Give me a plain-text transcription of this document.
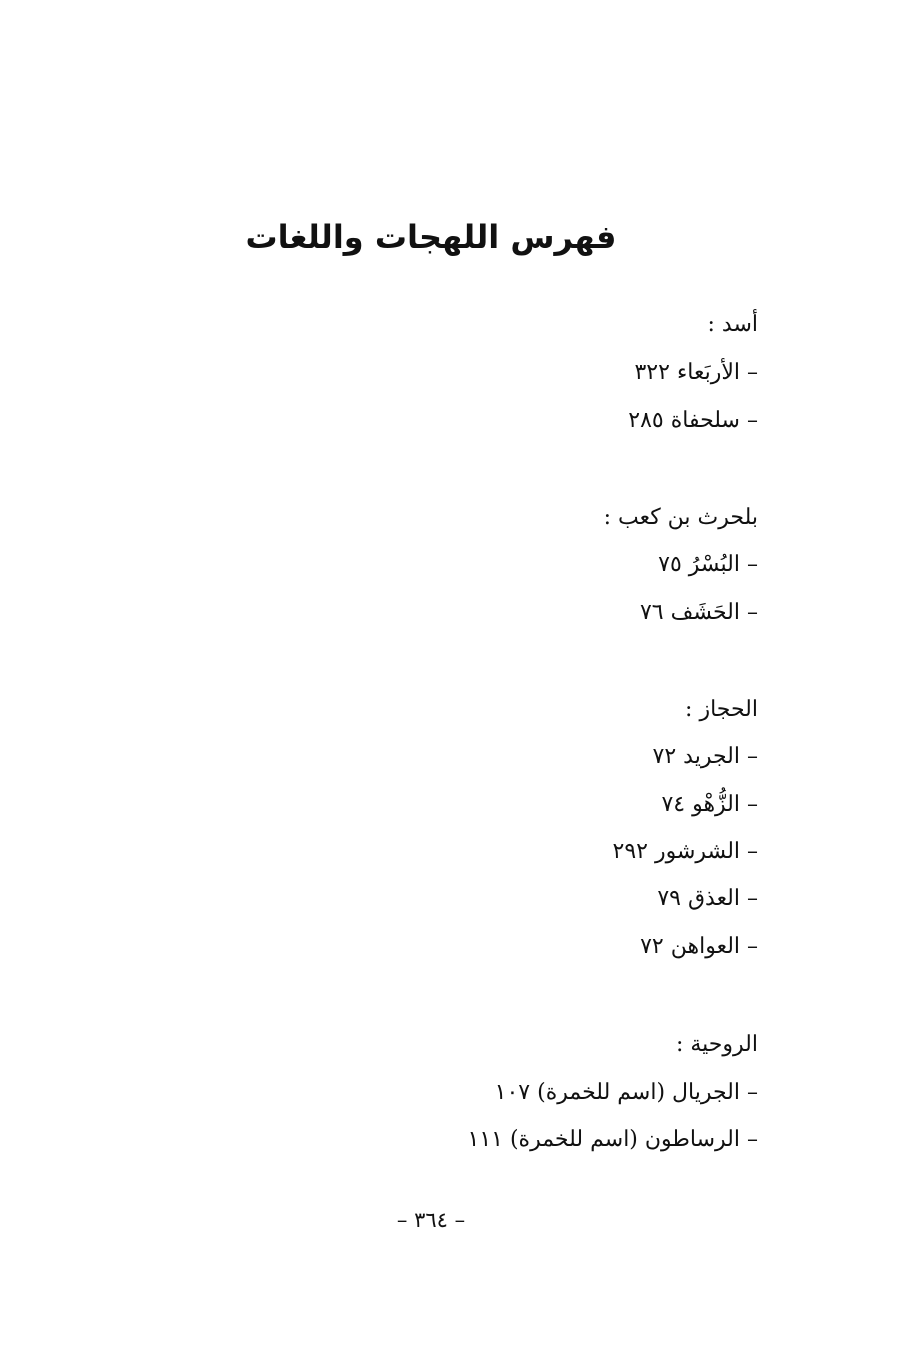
فهرس اللهجات واللغات
أسد :
– الأربَعاء ٣٢٢
– سلحفاة ٢٨٥
بلحرث بن كعب :
– البُسْرُ ٧٥
– الحَشَف ٧٦
الحجاز :
– الجريد ٧٢
– الزُّهْو ٧٤
– الشرشور ٢٩٢
– العذق ٧٩
– العواهن ٧٢
الروحية :
– الجريال (اسم للخمرة) ١٠٧
– الرساطون (اسم للخمرة) ١١١
– ٣٦٤ –
